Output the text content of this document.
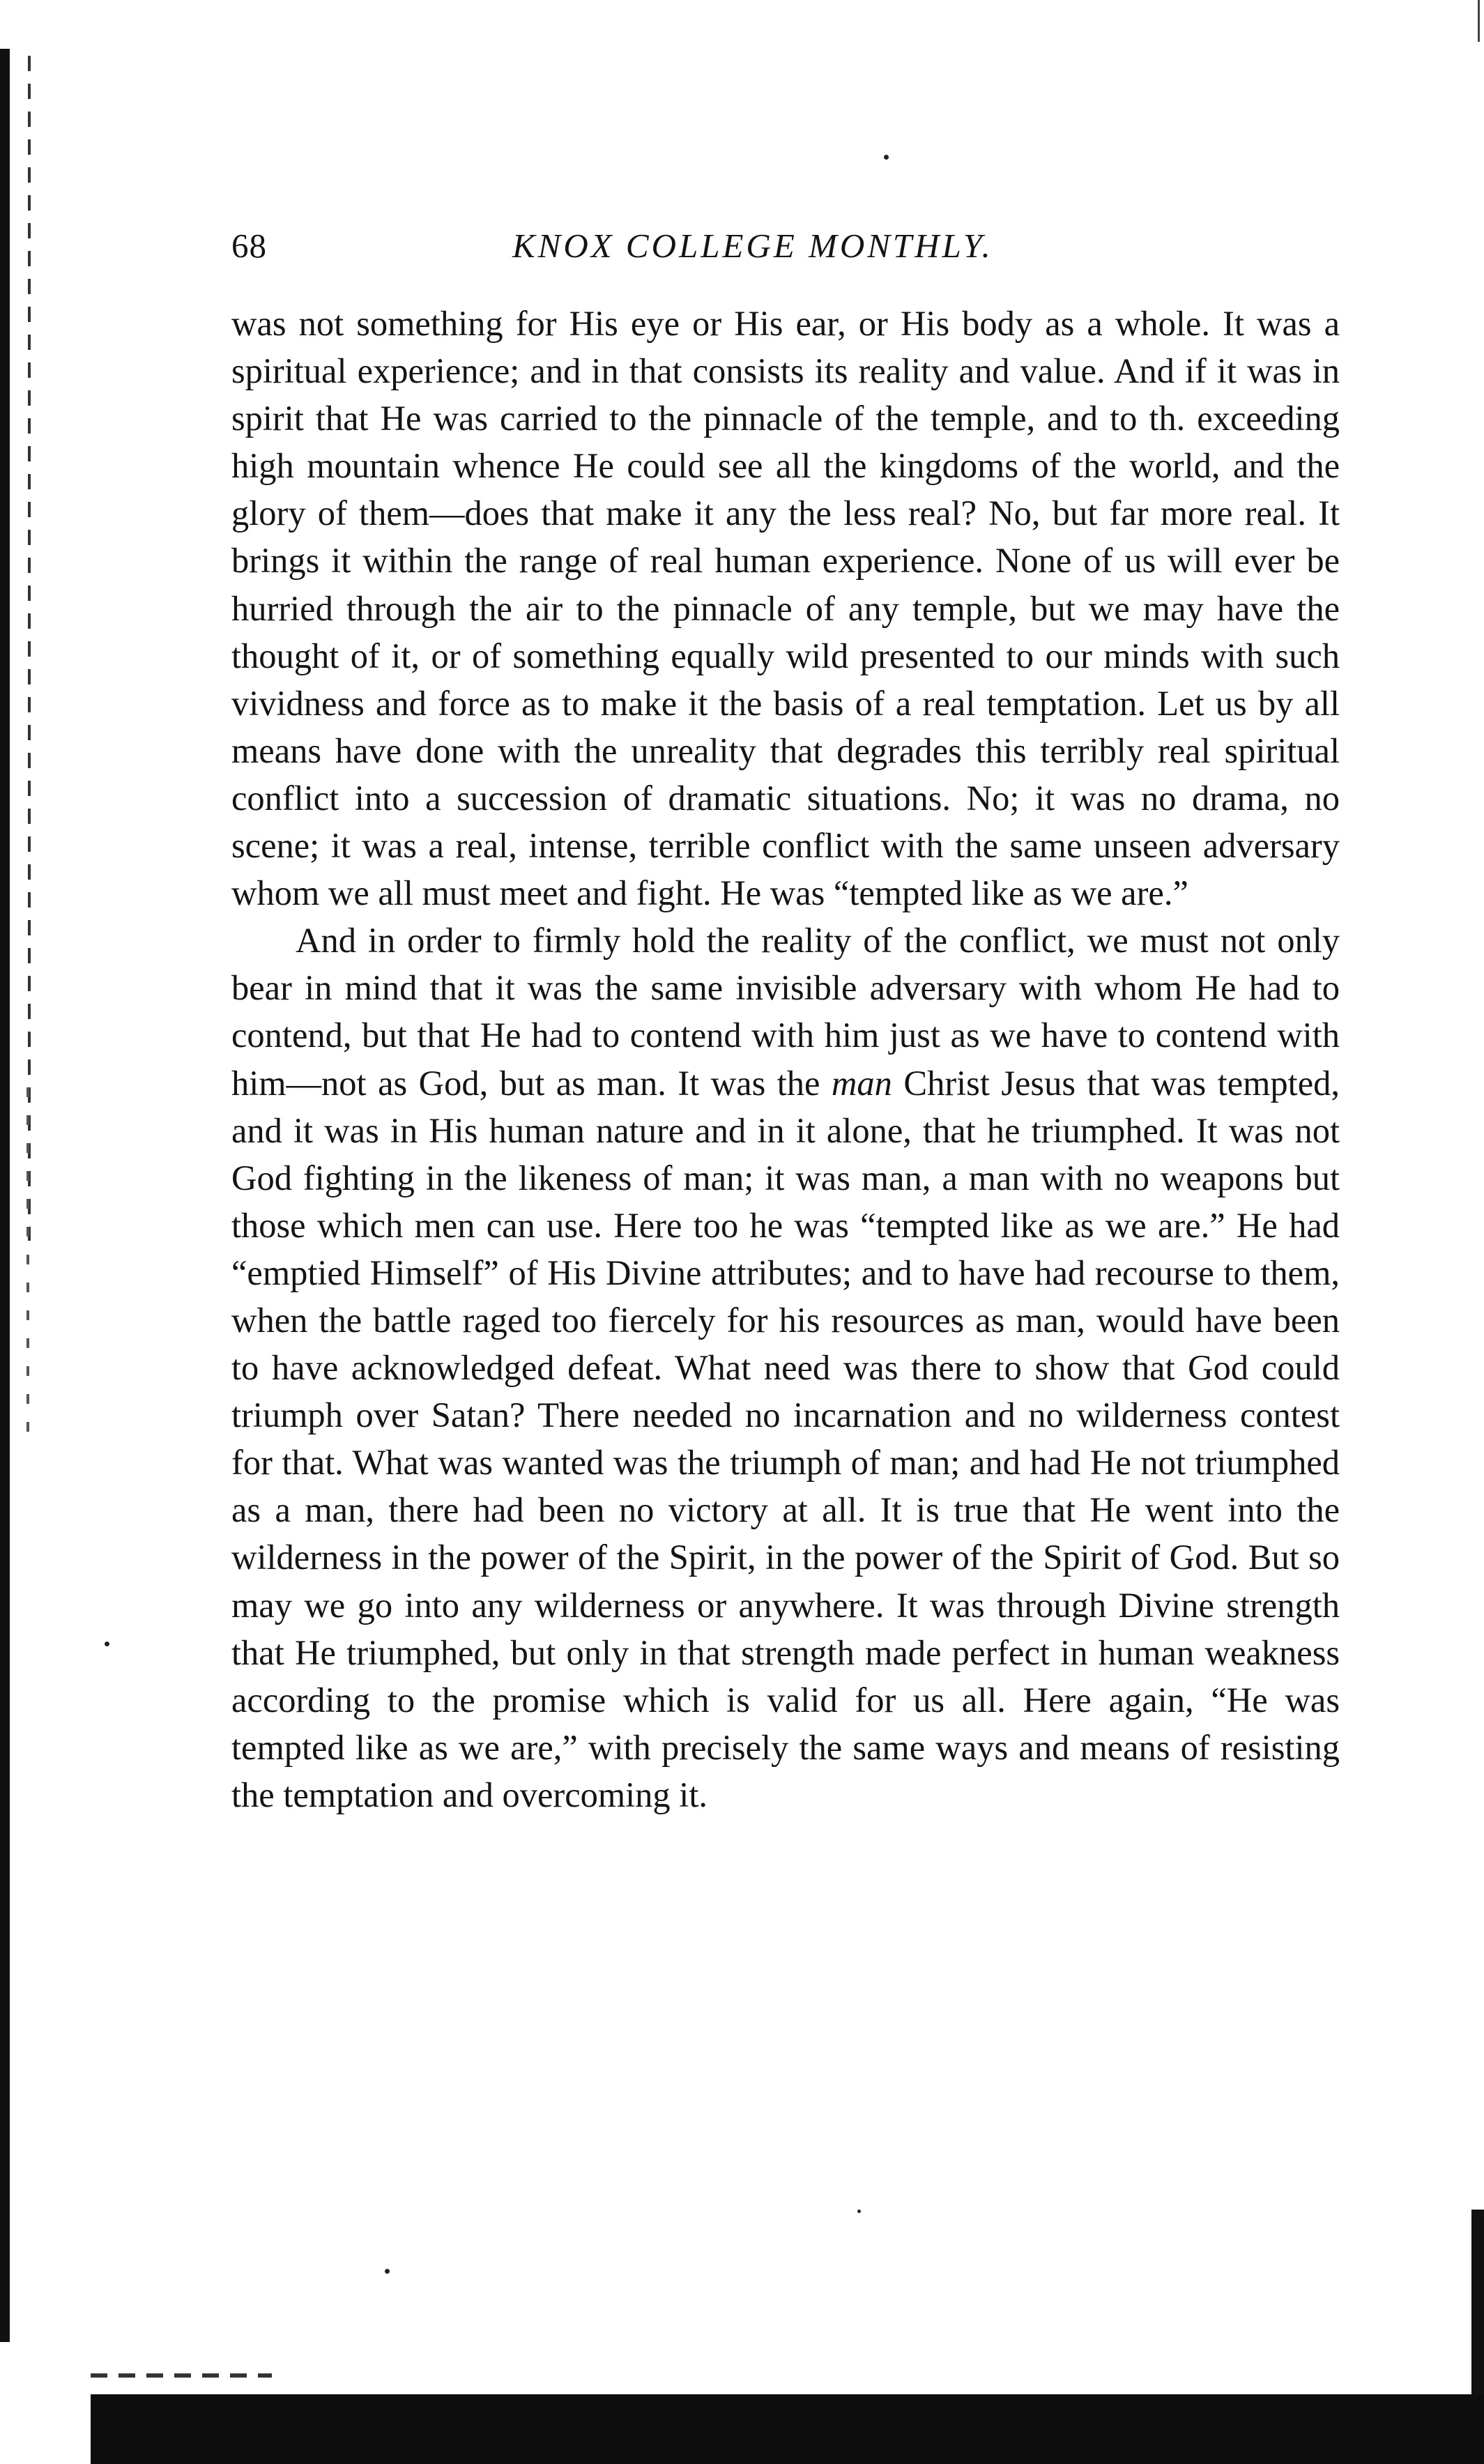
68	KNOX COLLEGE MONTHLY.

was not something for His eye or His ear, or His body as a whole. It was a spiritual experience; and in that consists its reality and value. And if it was in spirit that He was carried to the pinnacle of the temple, and to th. exceeding high mountain whence He could see all the kingdoms of the world, and the glory of them—does that make it any the less real? No, but far more real. It brings it within the range of real human experience. None of us will ever be hurried through the air to the pinnacle of any temple, but we may have the thought of it, or of something equally wild presented to our minds with such vividness and force as to make it the basis of a real temptation. Let us by all means have done with the unreality that degrades this terribly real spiritual conflict into a succession of dramatic situations. No; it was no drama, no scene; it was a real, intense, terrible conflict with the same unseen adversary whom we all must meet and fight. He was “tempted like as we are.”

And in order to firmly hold the reality of the conflict, we must not only bear in mind that it was the same invisible adversary with whom He had to contend, but that He had to contend with him just as we have to contend with him—not as God, but as man. It was the man Christ Jesus that was tempted, and it was in His human nature and in it alone, that he triumphed. It was not God fighting in the likeness of man; it was man, a man with no weapons but those which men can use. Here too he was “tempted like as we are.” He had “emptied Himself” of His Divine attributes; and to have had recourse to them, when the battle raged too fiercely for his resources as man, would have been to have acknowledged defeat. What need was there to show that God could triumph over Satan? There needed no incarnation and no wilderness contest for that. What was wanted was the triumph of man; and had He not triumphed as a man, there had been no victory at all. It is true that He went into the wilderness in the power of the Spirit, in the power of the Spirit of God. But so may we go into any wilderness or anywhere. It was through Divine strength that He triumphed, but only in that strength made perfect in human weakness according to the promise which is valid for us all. Here again, “He was tempted like as we are,” with precisely the same ways and means of resisting the temptation and overcoming it.
